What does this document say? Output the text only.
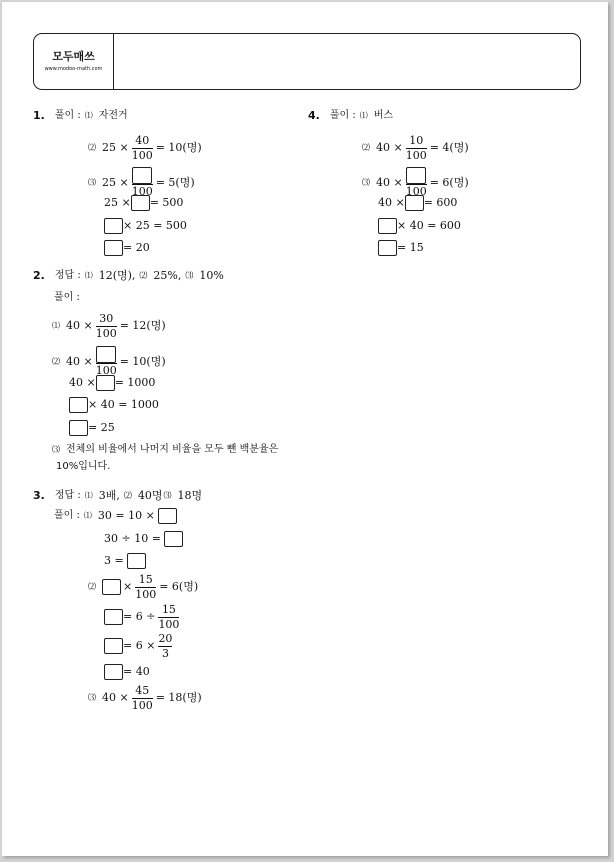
모두매쓰
www.modoo-math.com
1. 풀이 : ⑴ 자전거
⑵ $25 \times \frac{40}{100} = 10$(명)
⑶ 25 ×
100
= 5(명)
25 × = 500
× 25 = 500
= 20
4. 풀이 : ⑴ 버스
⑵ $40 \times \frac{10}{100} = 4$(명)
⑶ 40 ×
100
= 6(명)
40 × = 600
× 40 = 600
= 15
2. 정답 : ⑴ 12(명), ⑵ 25%, ⑶ 10%
풀이 :
⑴ $40 \times \frac{30}{100} = 12$(명)
⑵ 40 ×
100
= 10(명)
40 × = 1000
× 40 = 1000
= 25
⑶ 전체의 비율에서 나머지 비율을 모두 뺀 백분율은
10%입니다.
3. 정답 : ⑴ 3배, ⑵ 40명 ⑶ 18명
풀이 : ⑴ 30 = 10 ×
30 ÷ 10 =
3 =
⑵ × $\frac{15}{100} = 6$(명)
= $6 \div \frac{15}{100}$
= $6 \times \frac{20}{3}$
= 40
⑶ $40 \times \frac{45}{100} = 18$(명)
